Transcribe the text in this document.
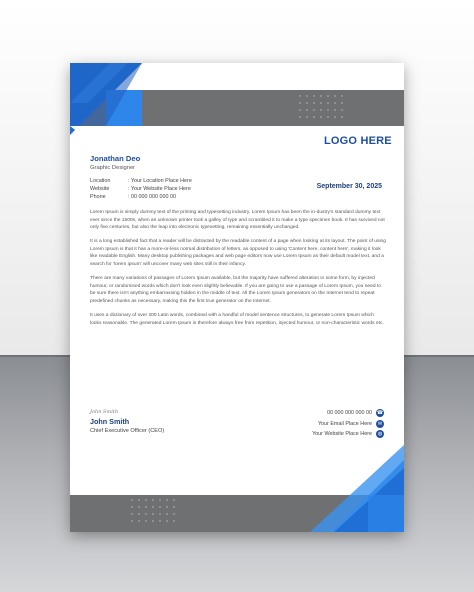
LOGO HERE
Jonathan Deo
Graphic Designer
Location	: Your Location Place Here
Website	: Your Website Place Here
Phone	: 00 000 000 000 00
September 30, 2025

Lorem Ipsum is simply dummy text of the printing and typesetting industry. Lorem Ipsum has been the in-dustry's standard dummy text ever since the 1500s, when an unknown printer took a galley of type and scrambled it to make a type specimen book. It has survived not only five centuries, but also the leap into electronic typesetting, remaining essentially unchanged.

It is a long established fact that a reader will be distracted by the readable content of a page when looking at its layout. The point of using Lorem Ipsum is that it has a more-or-less normal distribution of letters, as opposed to using 'Content here, content here', making it look like readable English. Many desktop publishing packages and web page editors now use Lorem Ipsum as their default model text, and a search for 'lorem ipsum' will uncover many web sites still in their infancy.

There are many variations of passages of Lorem Ipsum available, but the majority have suffered alteration in some form, by injected humour, or randomised words which don't look even slightly believable. If you are going to use a passage of Lorem Ipsum, you need to be sure there isn't anything embarrassing hidden in the middle of text. All the Lorem Ipsum generators on the Internet tend to repeat predefined chunks as necessary, making this the first true generator on the Internet.

It uses a dictionary of over 200 Latin words, combined with a handful of model sentence structures, to generate Lorem Ipsum which looks reasonable. The generated Lorem Ipsum is therefore always free from repetition, injected humour, or non-characteristic words etc.

John Smith
John Smith
Chief Executive Officer (CEO)
00 000 000 000 00 ☎
Your Email Place Here	✉
Your Website Place Here	◍
